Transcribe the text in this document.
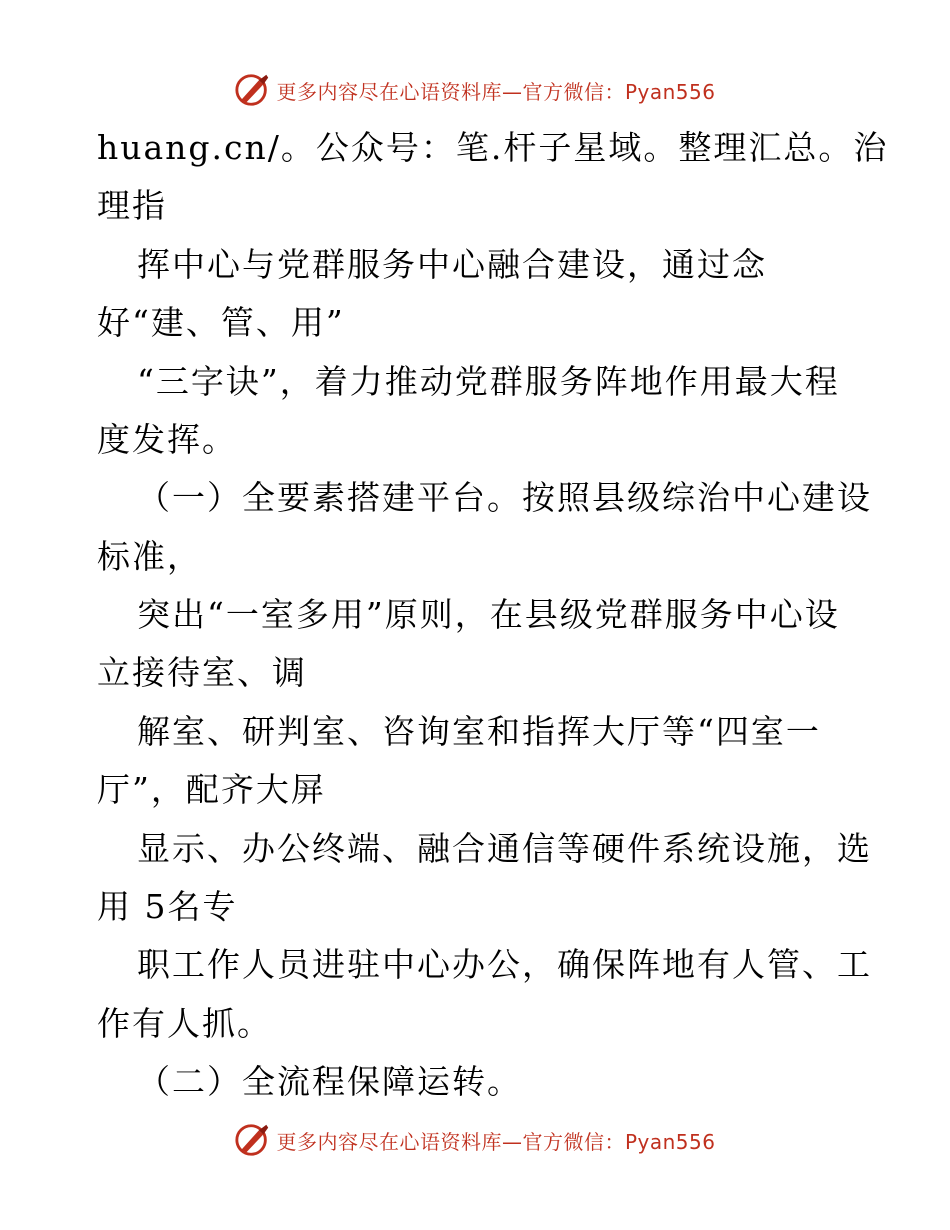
更多内容尽在心语资料库—官方微信：Pyan556
huang.cn/。公众号：笔.杆子星域。整理汇总。治
理指
挥中心与党群服务中心融合建设，通过念
好“建、管、用”
“三字诀”，着力推动党群服务阵地作用最大程
度发挥。
（一）全要素搭建平台。按照县级综治中心建设
标准，
突出“一室多用”原则，在县级党群服务中心设
立接待室、调
解室、研判室、咨询室和指挥大厅等“四室一
厅”，配齐大屏
显示、办公终端、融合通信等硬件系统设施，选
用 5名专
职工作人员进驻中心办公，确保阵地有人管、工
作有人抓。
（二）全流程保障运转。
更多内容尽在心语资料库—官方微信：Pyan556
